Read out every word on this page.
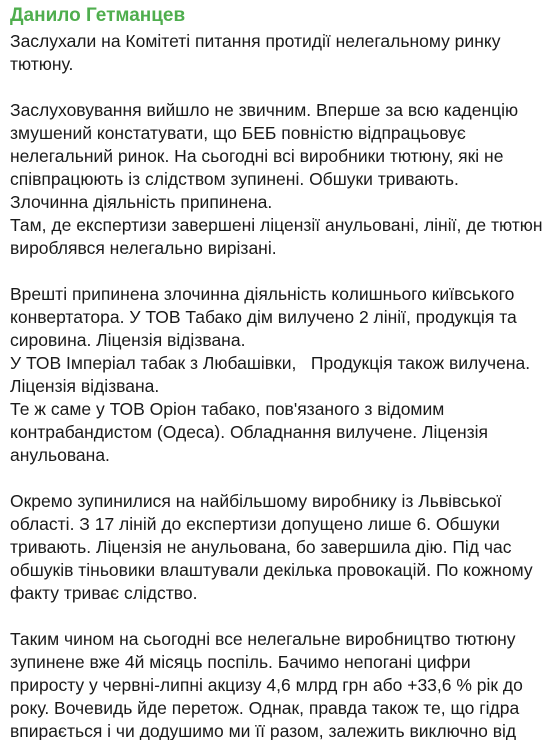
Данило Гетманцев
Заслухали на Комітеті питання протидії нелегальному ринку
тютюну.
Заслуховування вийшло не звичним. Вперше за всю каденцію
змушений констатувати, що БЕБ повністю відпрацьовує
нелегальний ринок. На сьогодні всі виробники тютюну, які не
співпрацюють із слідством зупинені. Обшуки тривають.
Злочинна діяльність припинена.
Там, де експертизи завершені ліцензії анульовані, лінії, де тютюн
вироблявся нелегально вирізані.
Врешті припинена злочинна діяльність колишнього київського
конвертатора. У ТОВ Табако дім вилучено 2 лінії, продукція та
сировина. Ліцензія відізвана.
У ТОВ Імперіал табак з Любашівки,   Продукція також вилучена.
Ліцензія відізвана.
Те ж саме у ТОВ Оріон табако, пов'язаного з відомим
контрабандистом (Одеса). Обладнання вилучене. Ліцензія
анульована.
Окремо зупинилися на найбільшому виробнику із Львівської
області. З 17 ліній до експертизи допущено лише 6. Обшуки
тривають. Ліцензія не анульована, бо завершила дію. Під час
обшуків тіньовики влаштували декілька провокацій. По кожному
факту триває слідство.
Таким чином на сьогодні все нелегальне виробництво тютюну
зупинене вже 4й місяць поспіль. Бачимо непогані цифри
приросту у червні-липні акцизу 4,6 млрд грн або +33,6 % рік до
року. Вочевидь йде перетож. Однак, правда також те, що гідра
впирається і чи додушимо ми її разом, залежить виключно від
